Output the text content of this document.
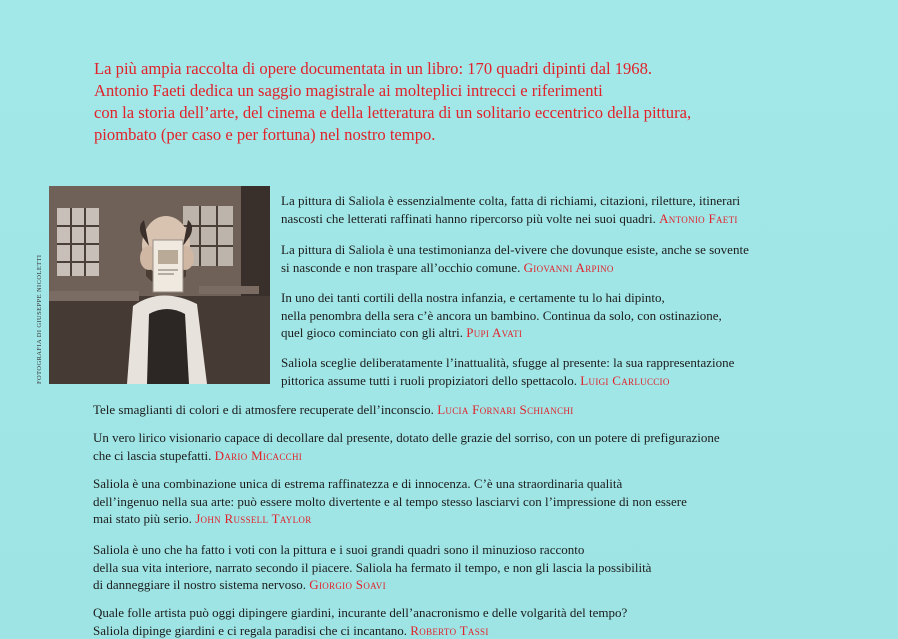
La più ampia raccolta di opere documentata in un libro: 170 quadri dipinti dal 1968.

Antonio Faeti dedica un saggio magistrale ai molteplici intrecci e riferimenti

con la storia dell’arte, del cinema e della letteratura di un solitario eccentrico della pittura,

piombato (per caso e per fortuna) nel nostro tempo.

FOTOGRAFIA DI GIUSEPPE NICOLETTI

La pittura di Saliola è essenzialmente colta, fatta di richiami, citazioni, riletture, itinerari

nascosti che letterati raffinati hanno ripercorso più volte nei suoi quadri. Antonio Faeti

La pittura di Saliola è una testimonianza del-vivere che dovunque esiste, anche se sovente

si nasconde e non traspare all’occhio comune. Giovanni Arpino

In uno dei tanti cortili della nostra infanzia, e certamente tu lo hai dipinto,

nella penombra della sera c’è ancora un bambino. Continua da solo, con ostinazione,

quel gioco cominciato con gli altri. Pupi Avati

Saliola sceglie deliberatamente l’inattualità, sfugge al presente: la sua rappresentazione

pittorica assume tutti i ruoli propiziatori dello spettacolo. Luigi Carluccio

Tele smaglianti di colori e di atmosfere recuperate dell’inconscio. Lucia Fornari Schianchi

Un vero lirico visionario capace di decollare dal presente, dotato delle grazie del sorriso, con un potere di prefigurazione

che ci lascia stupefatti. Dario Micacchi

Saliola è una combinazione unica di estrema raffinatezza e di innocenza. C’è una straordinaria qualità

dell’ingenuo nella sua arte: può essere molto divertente e al tempo stesso lasciarvi con l’impressione di non essere

mai stato più serio. John Russell Taylor

Saliola è uno che ha fatto i voti con la pittura e i suoi grandi quadri sono il minuzioso racconto

della sua vita interiore, narrato secondo il piacere. Saliola ha fermato il tempo, e non gli lascia la possibilità

di danneggiare il nostro sistema nervoso. Giorgio Soavi

Quale folle artista può oggi dipingere giardini, incurante dell’anacronismo e delle volgarità del tempo?

Saliola dipinge giardini e ci regala paradisi che ci incantano. Roberto Tassi
